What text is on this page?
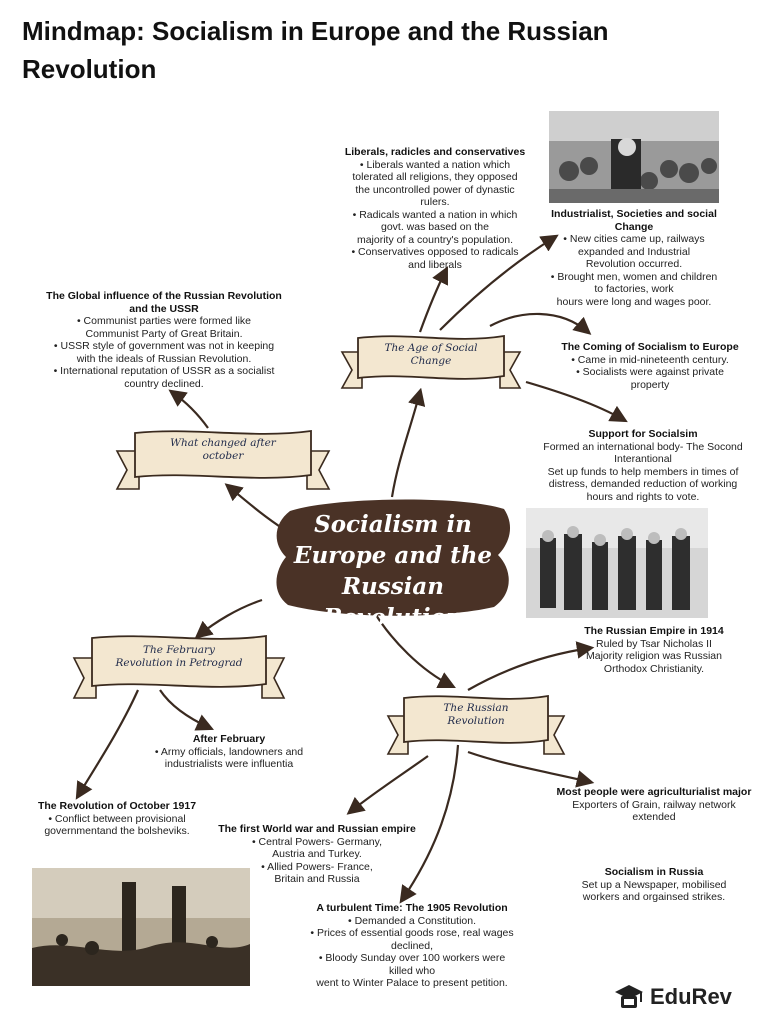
Mindmap: Socialism in Europe and the Russian Revolution
Socialism in
Europe and the
Russian Revolution
The Age of Social
Change
What changed after
october
The February
Revolution in Petrograd
The Russian
Revolution
Liberals, radicles and conservatives
• Liberals wanted a nation which
tolerated all religions, they opposed
the uncontrolled power of dynastic
rulers.
• Radicals wanted a nation in which
govt. was based on the
majority of a country's population.
• Conservatives opposed to radicals
and liberals
Industrialist, Societies and social Change
• New cities came up, railways
expanded and Industrial
Revolution occurred.
• Brought men, women and children
to factories, work
hours were long and wages poor.
The Global influence of the Russian Revolution and the USSR
• Communist parties were formed like
Communist Party of Great Britain.
• USSR style of government was not in keeping
with the ideals of Russian Revolution.
• International reputation of USSR as a socialist
country declined.
The Coming of Socialism to Europe
• Came in mid-nineteenth century.
• Socialists were against private
property
Support for Socialsim
Formed an international body- The Socond
Interantional
Set up funds to help members in times of
distress, demanded reduction of working
hours and rights to vote.
The Russian Empire in 1914
Ruled by Tsar Nicholas II
Majority religion was Russian
Orthodox Christianity.
After February
• Army officials, landowners and
industrialists were influentia
The Revolution of October 1917
• Conflict between provisional
governmentand the bolsheviks.
Most people were agriculturialist major
Exporters of Grain, railway network
extended
The first World war and Russian empire
• Central Powers- Germany,
Austria and Turkey.
• Allied Powers- France,
Britain and Russia
Socialism in Russia
Set up a Newspaper, mobilised
workers and orgainsed strikes.
A turbulent Time: The 1905 Revolution
• Demanded a Constitution.
• Prices of essential goods rose, real wages
declined,
• Bloody Sunday over 100 workers were
killed who
went to Winter Palace to present petition.
EduRev
